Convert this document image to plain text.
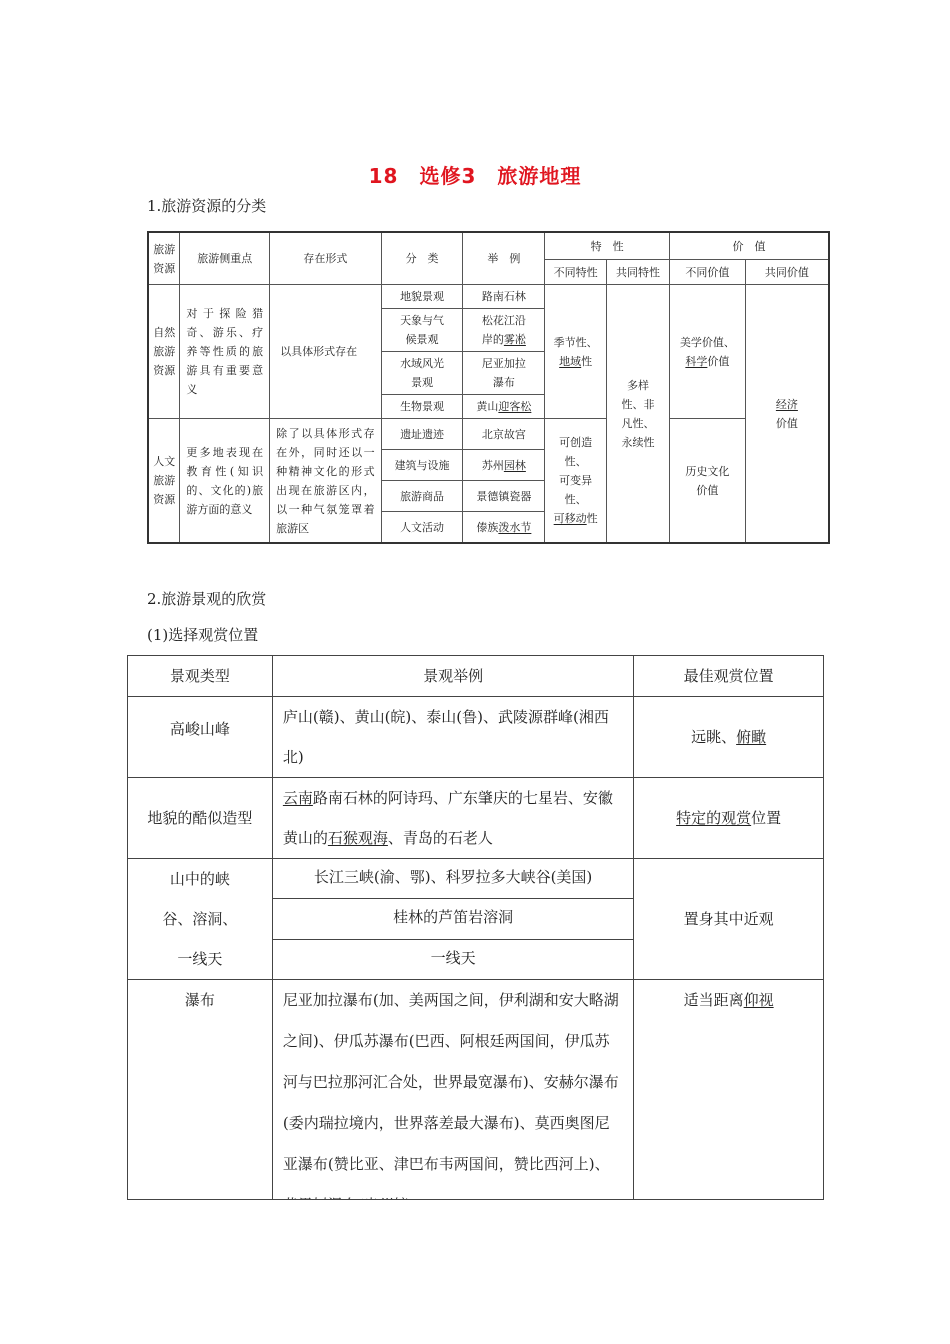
18　选修3　旅游地理
1.旅游资源的分类
旅游资源	旅游侧重点	存在形式	分　类	举　例	特　性		价　值	
					不同特性	共同特性	不同价值	共同价值
自然旅游资源	对于探险猎奇、游乐、疗养等性质的旅游具有重要意义	以具体形式存在	地貌景观	路南石林	季节性、
地域性	多样性、非凡性、永续性	美学价值、
科学价值	经济
价值
			天象与气候景观	松花江沿岸的雾凇				
			水域风光景观	尼亚加拉瀑布				
			生物景观	黄山迎客松				
人文旅游资源	更多地表现在教育性(知识的、文化的)旅游方面的意义	除了以具体形式存在外，同时还以一种精神文化的形式出现在旅游区内，以一种气氛笼罩着旅游区	遗址遗迹	北京故宫	可创造性、
可变异性、
可移动性		历史文化价值	
			建筑与设施	苏州园林				
			旅游商品	景德镇瓷器				
			人文活动	傣族泼水节				
2.旅游景观的欣赏
(1)选择观赏位置
景观类型	景观举例	最佳观赏位置
高峻山峰	庐山(赣)、黄山(皖)、泰山(鲁)、武陵源群峰(湘西北)	远眺、俯瞰
地貌的酷似造型	云南路南石林的阿诗玛、广东肇庆的七星岩、安徽黄山的石猴观海、青岛的石老人	特定的观赏位置
山中的峡谷、溶洞、一线天	长江三峡(渝、鄂)、科罗拉多大峡谷(美国)	置身其中近观
	桂林的芦笛岩溶洞	
	一线天	
瀑布	尼亚加拉瀑布(加、美两国之间，伊利湖和安大略湖之间)、伊瓜苏瀑布(巴西、阿根廷两国间，伊瓜苏河与巴拉那河汇合处，世界最宽瀑布)、安赫尔瀑布(委内瑞拉境内，世界落差最大瀑布)、莫西奥图尼亚瀑布(赞比亚、津巴布韦两国间，赞比西河上)、	适当距离仰视
